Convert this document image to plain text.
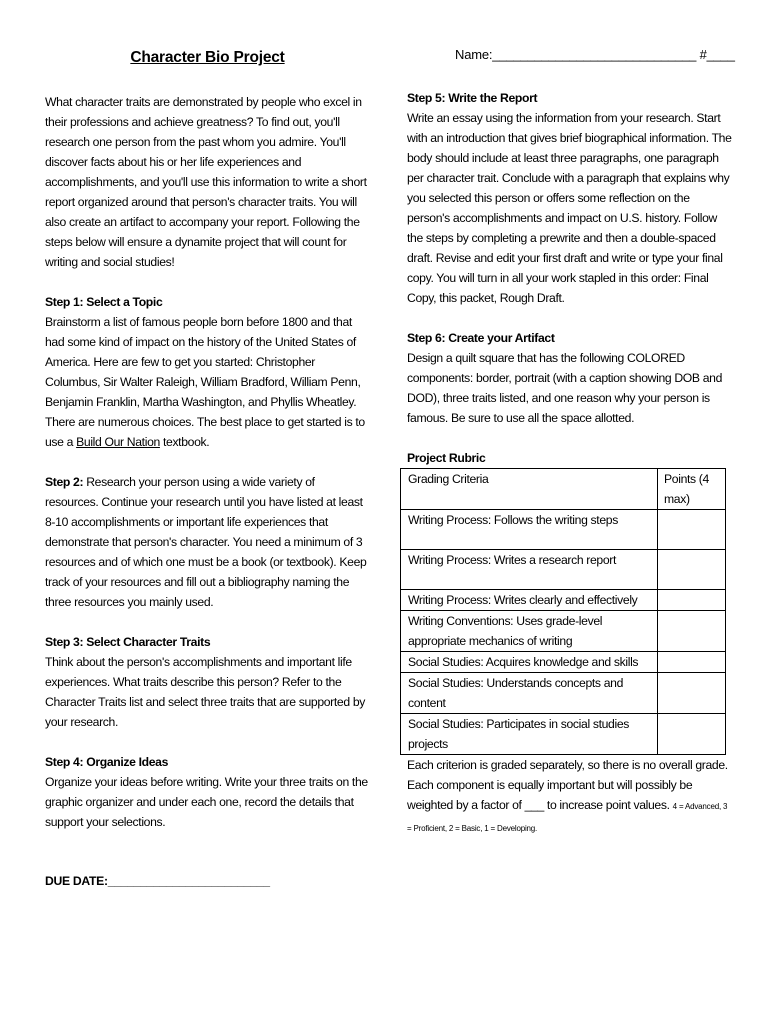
Character Bio Project

What character traits are demonstrated by people who excel in their professions and achieve greatness? To find out, you'll research one person from the past whom you admire. You'll discover facts about his or her life experiences and accomplishments, and you'll use this information to write a short report organized around that person's character traits. You will also create an artifact to accompany your report. Following the steps below will ensure a dynamite project that will count for writing and social studies!

Step 1: Select a Topic
Brainstorm a list of famous people born before 1800 and that had some kind of impact on the history of the United States of America. Here are few to get you started: Christopher Columbus, Sir Walter Raleigh, William Bradford, William Penn, Benjamin Franklin, Martha Washington, and Phyllis Wheatley. There are numerous choices. The best place to get started is to use a Build Our Nation textbook.

Step 2: Research your person using a wide variety of resources. Continue your research until you have listed at least 8-10 accomplishments or important life experiences that demonstrate that person's character. You need a minimum of 3 resources and of which one must be a book (or textbook). Keep track of your resources and fill out a bibliography naming the three resources you mainly used.

Step 3: Select Character Traits
Think about the person's accomplishments and important life experiences. What traits describe this person? Refer to the Character Traits list and select three traits that are supported by your research.

Step 4: Organize Ideas
Organize your ideas before writing. Write your three traits on the graphic organizer and under each one, record the details that support your selections.

DUE DATE:_________________________
Name:_____________________________ #____

Step 5: Write the Report
Write an essay using the information from your research. Start with an introduction that gives brief biographical information. The body should include at least three paragraphs, one paragraph per character trait. Conclude with a paragraph that explains why you selected this person or offers some reflection on the person's accomplishments and impact on U.S. history. Follow the steps by completing a prewrite and then a double-spaced draft. Revise and edit your first draft and write or type your final copy. You will turn in all your work stapled in this order: Final Copy, this packet, Rough Draft.

Step 6: Create your Artifact
Design a quilt square that has the following COLORED components: border, portrait (with a caption showing DOB and DOD), three traits listed, and one reason why your person is famous. Be sure to use all the space allotted.

Project Rubric
Grading Criteria	Points (4 max)
Writing Process: Follows the writing steps	
Writing Process: Writes a research report	
Writing Process: Writes clearly and effectively	
Writing Conventions: Uses grade-level appropriate mechanics of writing	
Social Studies: Acquires knowledge and skills	
Social Studies: Understands concepts and content	
Social Studies: Participates in social studies projects	

Each criterion is graded separately, so there is no overall grade. Each component is equally important but will possibly be weighted by a factor of ___ to increase point values. 4 = Advanced, 3 = Proficient, 2 = Basic, 1 = Developing.
